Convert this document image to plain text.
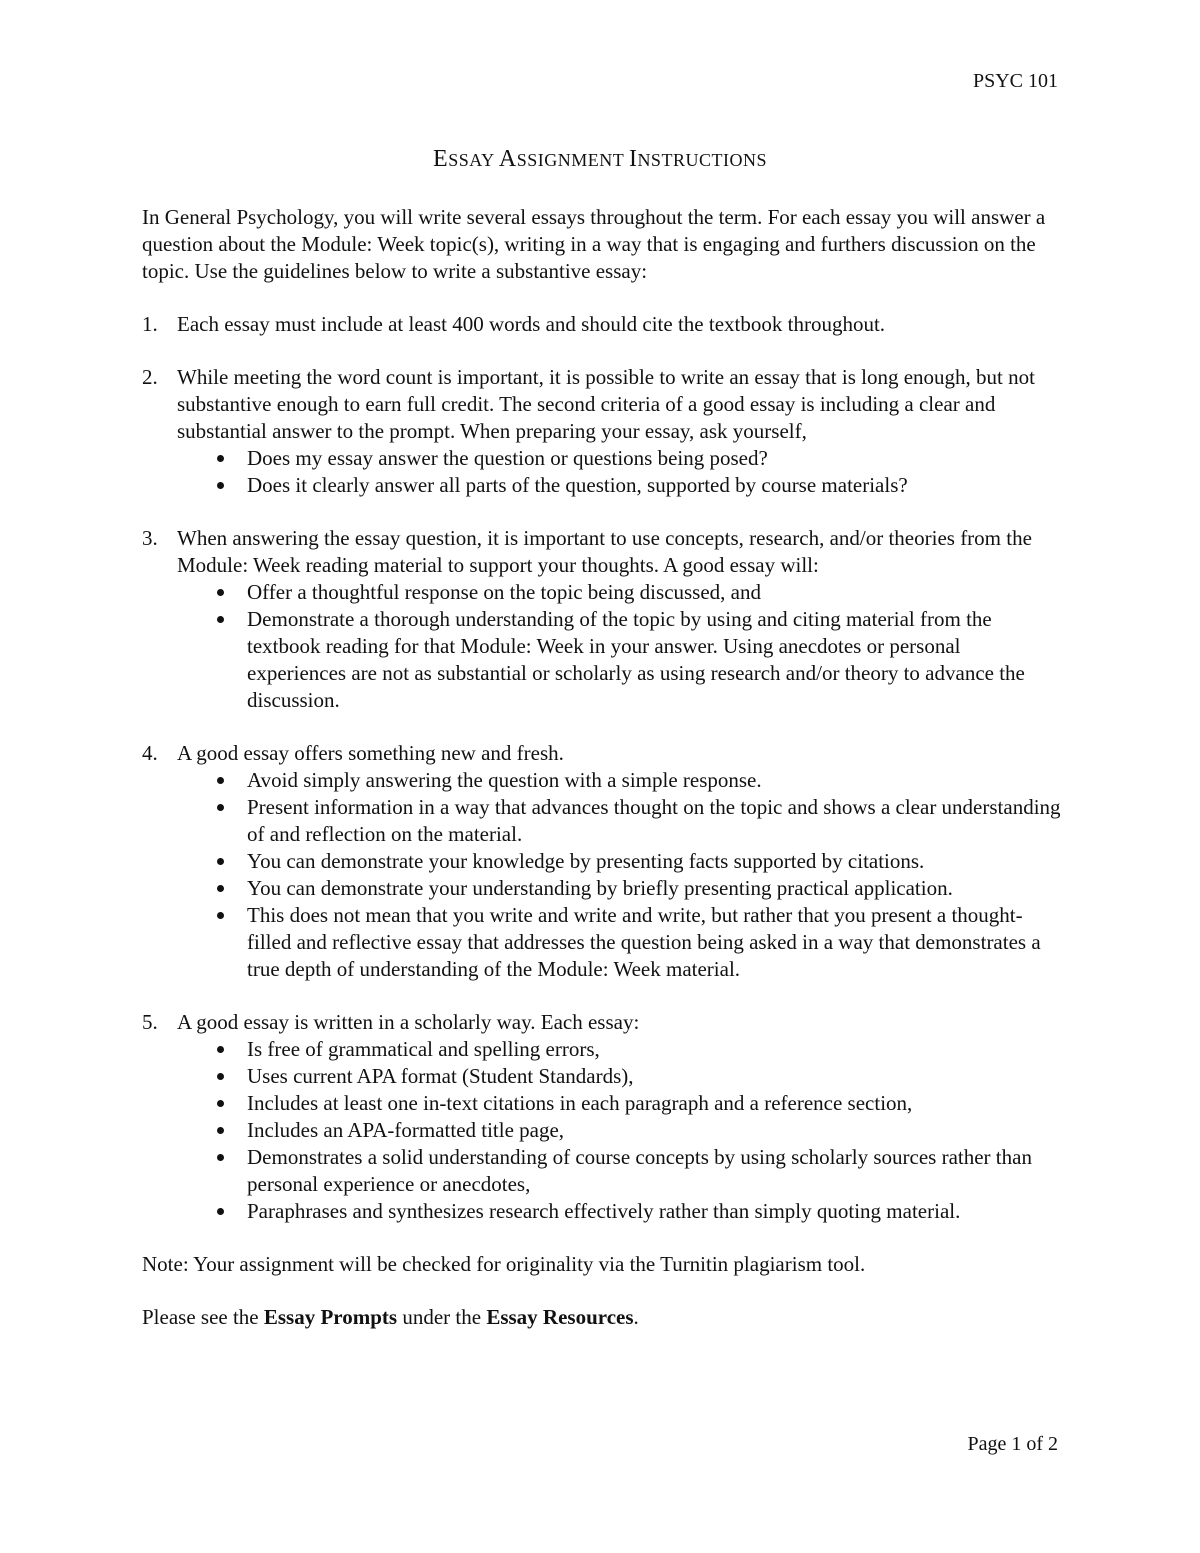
PSYC 101
ESSAY ASSIGNMENT INSTRUCTIONS

In General Psychology, you will write several essays throughout the term. For each essay you will answer a question about the Module: Week topic(s), writing in a way that is engaging and furthers discussion on the topic. Use the guidelines below to write a substantive essay:

1. Each essay must include at least 400 words and should cite the textbook throughout.
2. While meeting the word count is important, it is possible to write an essay that is long enough, but not substantive enough to earn full credit. The second criteria of a good essay is including a clear and substantial answer to the prompt. When preparing your essay, ask yourself,
Does my essay answer the question or questions being posed?
Does it clearly answer all parts of the question, supported by course materials?
3. When answering the essay question, it is important to use concepts, research, and/or theories from the Module: Week reading material to support your thoughts. A good essay will:
Offer a thoughtful response on the topic being discussed, and
Demonstrate a thorough understanding of the topic by using and citing material from the textbook reading for that Module: Week in your answer. Using anecdotes or personal experiences are not as substantial or scholarly as using research and/or theory to advance the discussion.
4. A good essay offers something new and fresh.
Avoid simply answering the question with a simple response.
Present information in a way that advances thought on the topic and shows a clear understanding of and reflection on the material.
You can demonstrate your knowledge by presenting facts supported by citations.
You can demonstrate your understanding by briefly presenting practical application.
This does not mean that you write and write and write, but rather that you present a thought-filled and reflective essay that addresses the question being asked in a way that demonstrates a true depth of understanding of the Module: Week material.
5. A good essay is written in a scholarly way. Each essay:
Is free of grammatical and spelling errors,
Uses current APA format (Student Standards),
Includes at least one in-text citations in each paragraph and a reference section,
Includes an APA-formatted title page,
Demonstrates a solid understanding of course concepts by using scholarly sources rather than personal experience or anecdotes,
Paraphrases and synthesizes research effectively rather than simply quoting material.

Note: Your assignment will be checked for originality via the Turnitin plagiarism tool.

Please see the Essay Prompts under the Essay Resources.

Page 1 of 2
